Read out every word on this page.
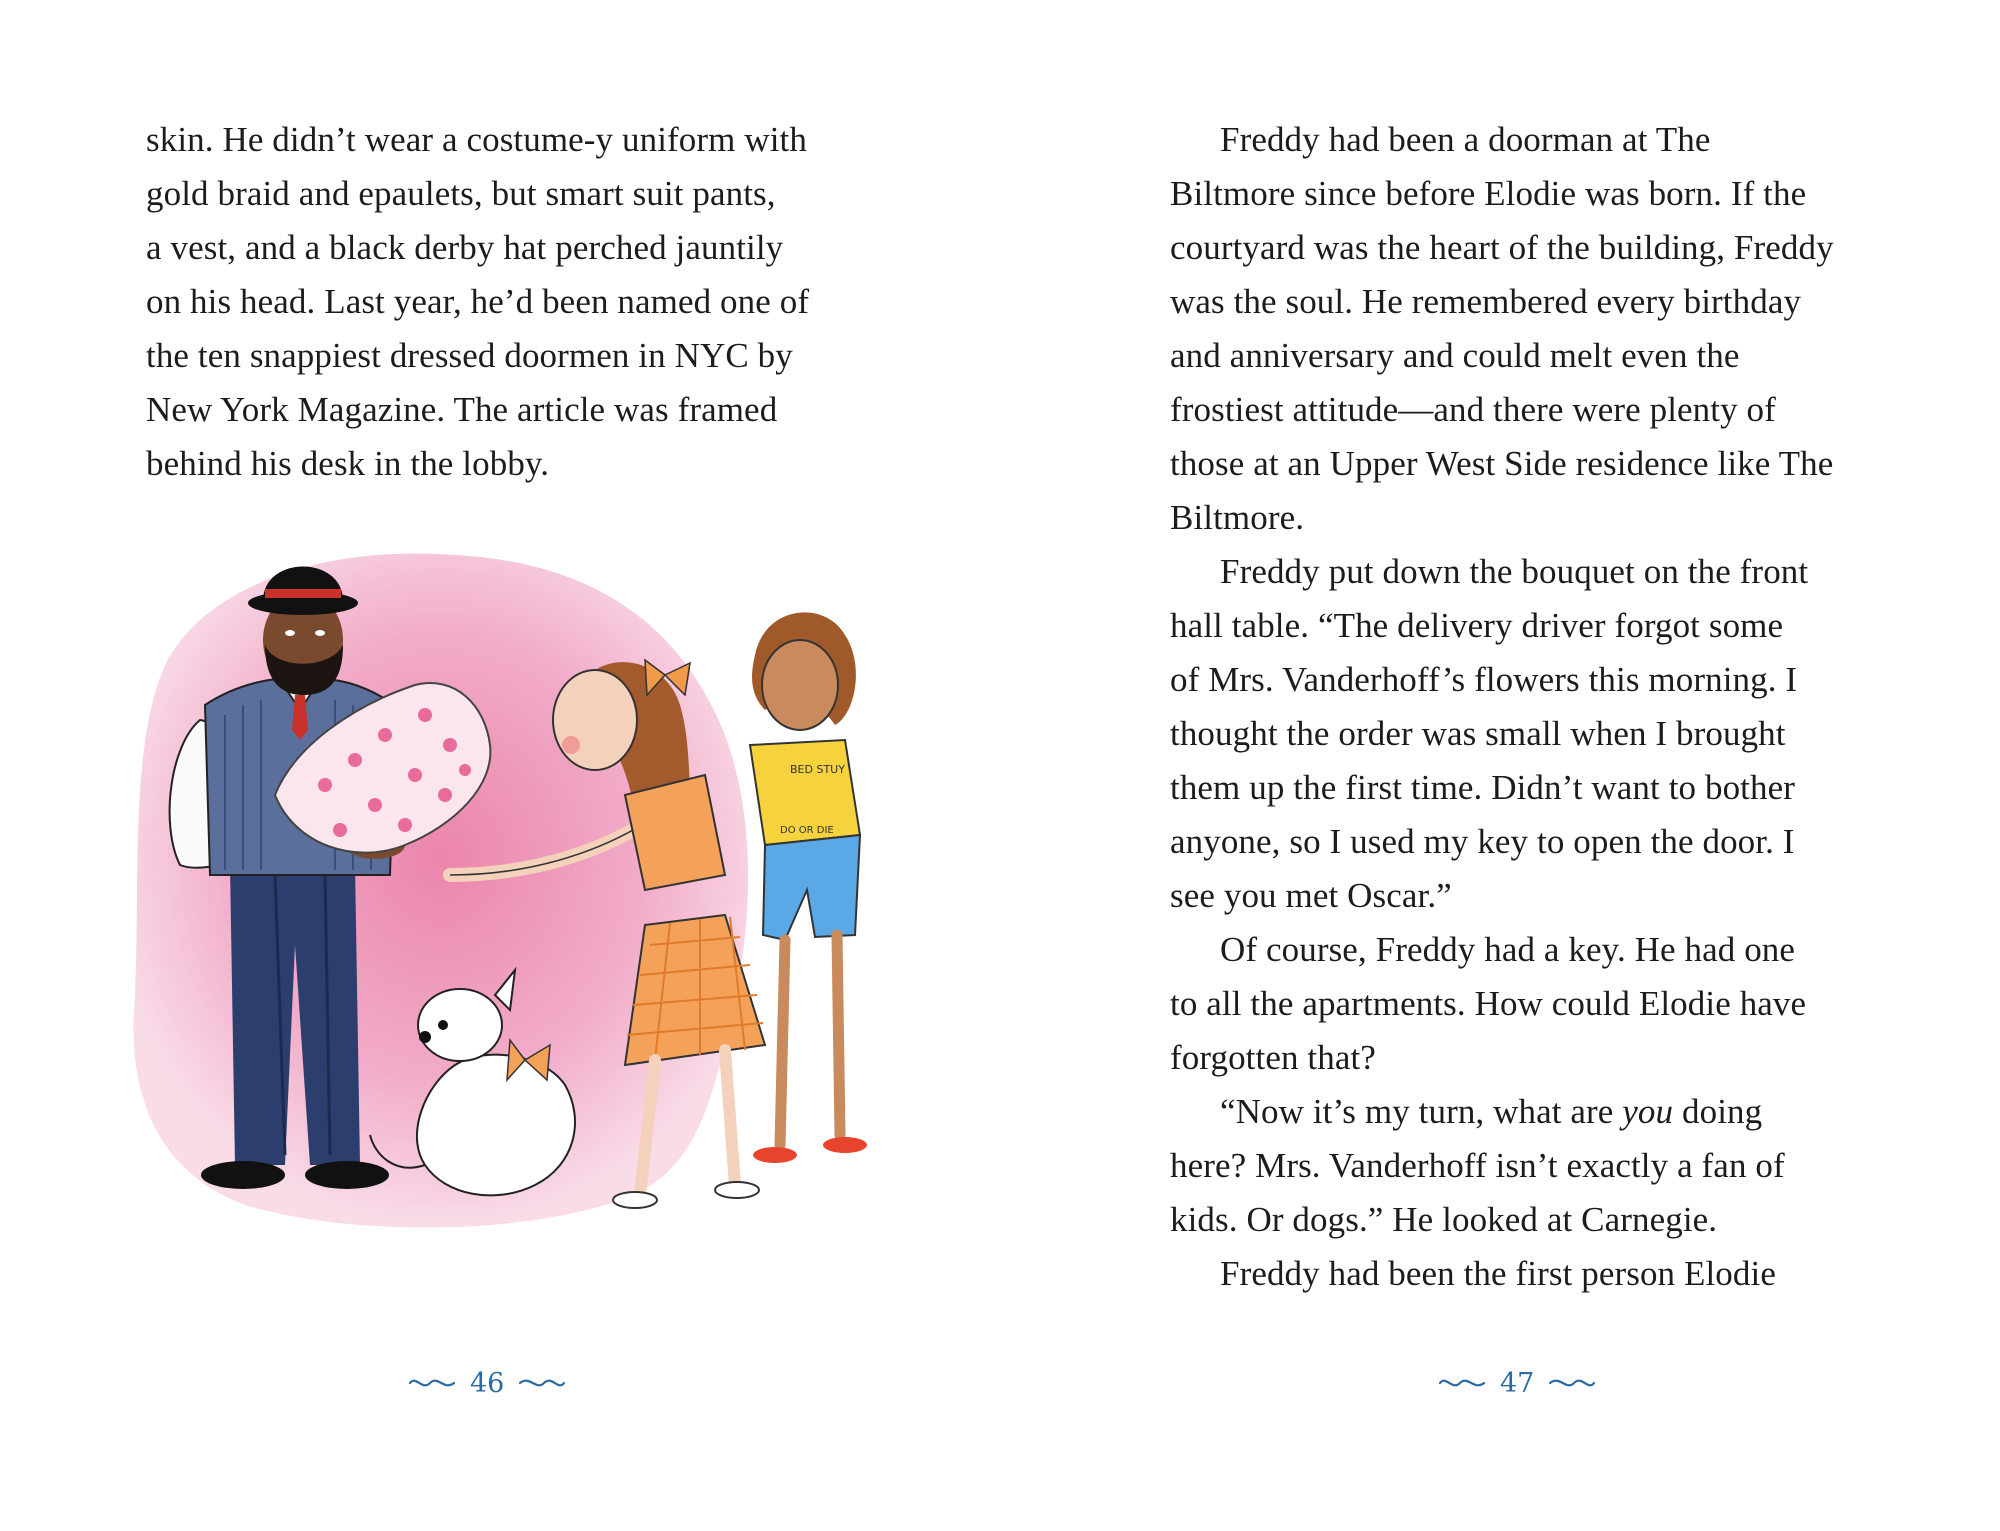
skin. He didn’t wear a costume-y uniform with
gold braid and epaulets, but smart suit pants,
a vest, and a black derby hat perched jauntily
on his head. Last year, he’d been named one of
the ten snappiest dressed doormen in NYC by
New York Magazine. The article was framed
behind his desk in the lobby.
BED STUY
DO OR DIE
46
Freddy had been a doorman at The
Biltmore since before Elodie was born. If the
courtyard was the heart of the building, Freddy
was the soul. He remembered every birthday
and anniversary and could melt even the
frostiest attitude—and there were plenty of
those at an Upper West Side residence like The
Biltmore.
Freddy put down the bouquet on the front
hall table. “The delivery driver forgot some
of Mrs. Vanderhoff’s flowers this morning. I
thought the order was small when I brought
them up the first time. Didn’t want to bother
anyone, so I used my key to open the door. I
see you met Oscar.”
Of course, Freddy had a key. He had one
to all the apartments. How could Elodie have
forgotten that?
“Now it’s my turn, what are you doing
here? Mrs. Vanderhoff isn’t exactly a fan of
kids. Or dogs.” He looked at Carnegie.
Freddy had been the first person Elodie
47
